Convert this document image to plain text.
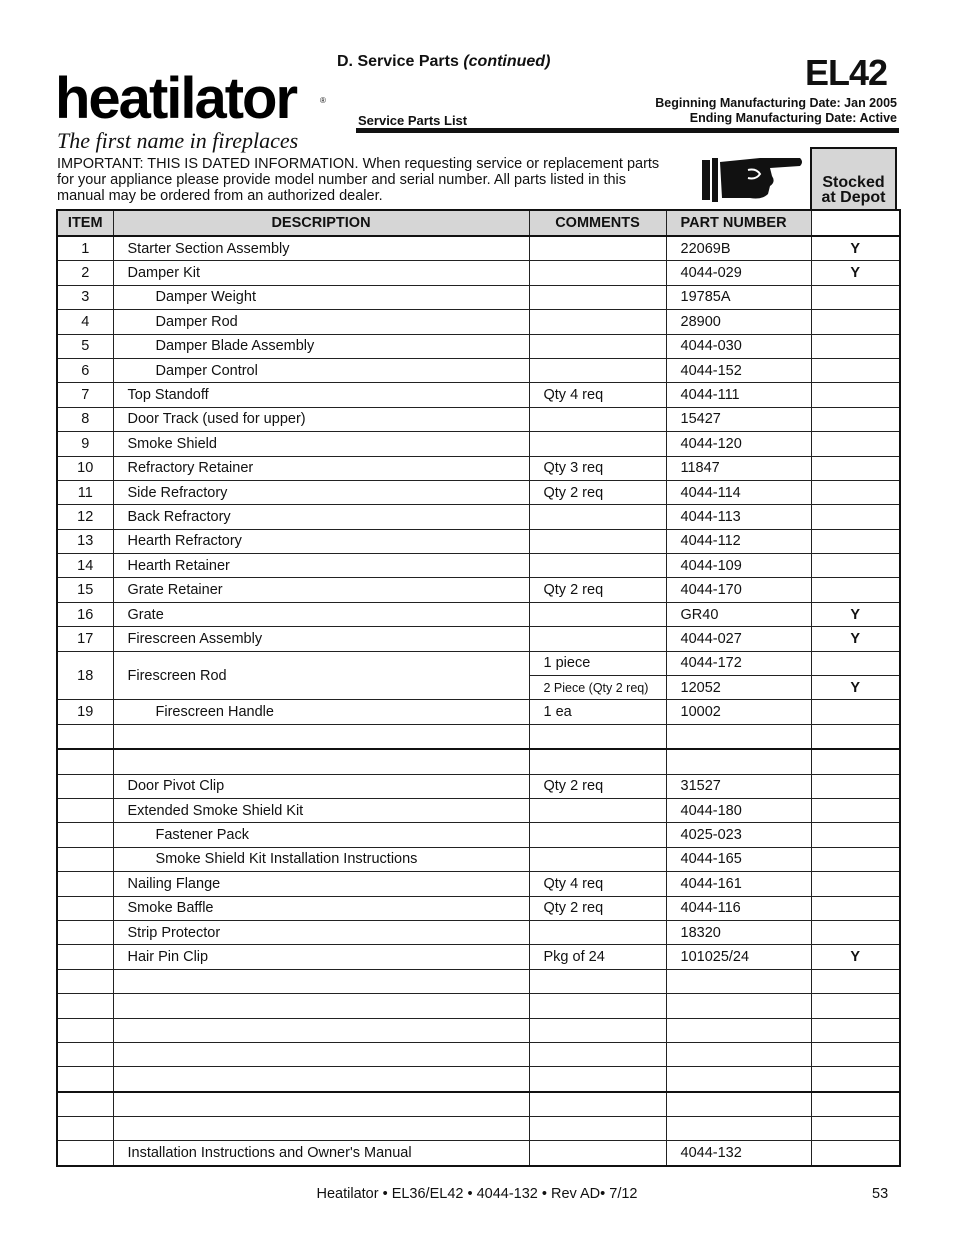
heatilator	®
The first name in fireplaces
D. Service Parts (continued)
Service Parts List
EL42
Beginning Manufacturing Date: Jan 2005
Ending Manufacturing Date: Active
IMPORTANT: THIS IS DATED INFORMATION. When requesting service or replacement parts for your appliance please provide model number and serial number. All parts listed in this manual may be ordered from an authorized dealer.
Stocked
at Depot
ITEM	DESCRIPTION	COMMENTS	PART NUMBER	
1	Starter Section Assembly		22069B	Y
2	Damper Kit		4044-029	Y
3	Damper Weight		19785A	
4	Damper Rod		28900	
5	Damper Blade Assembly		4044-030	
6	Damper Control		4044-152	
7	Top Standoff	Qty 4 req	4044-111	
8	Door Track (used for upper)		15427	
9	Smoke Shield		4044-120	
10	Refractory Retainer	Qty 3 req	11847	
11	Side Refractory	Qty 2 req	4044-114	
12	Back Refractory		4044-113	
13	Hearth Refractory		4044-112	
14	Hearth Retainer		4044-109	
15	Grate Retainer	Qty 2 req	4044-170	
16	Grate		GR40	Y
17	Firescreen Assembly		4044-027	Y
18	Firescreen Rod	1 piece	4044-172	
		2 Piece (Qty 2 req)	12052	Y
19	Firescreen Handle	1 ea	10002	

	Door Pivot Clip	Qty 2 req	31527	
	Extended Smoke Shield Kit		4044-180	
	Fastener Pack		4025-023	
	Smoke Shield Kit Installation Instructions		4044-165	
	Nailing Flange	Qty 4 req	4044-161	
	Smoke Baffle	Qty 2 req	4044-116	
	Strip Protector		18320	
	Hair Pin Clip	Pkg of 24	101025/24	Y

	Installation Instructions and Owner's Manual		4044-132	
Heatilator • EL36/EL42 • 4044-132 • Rev AD• 7/12	53
